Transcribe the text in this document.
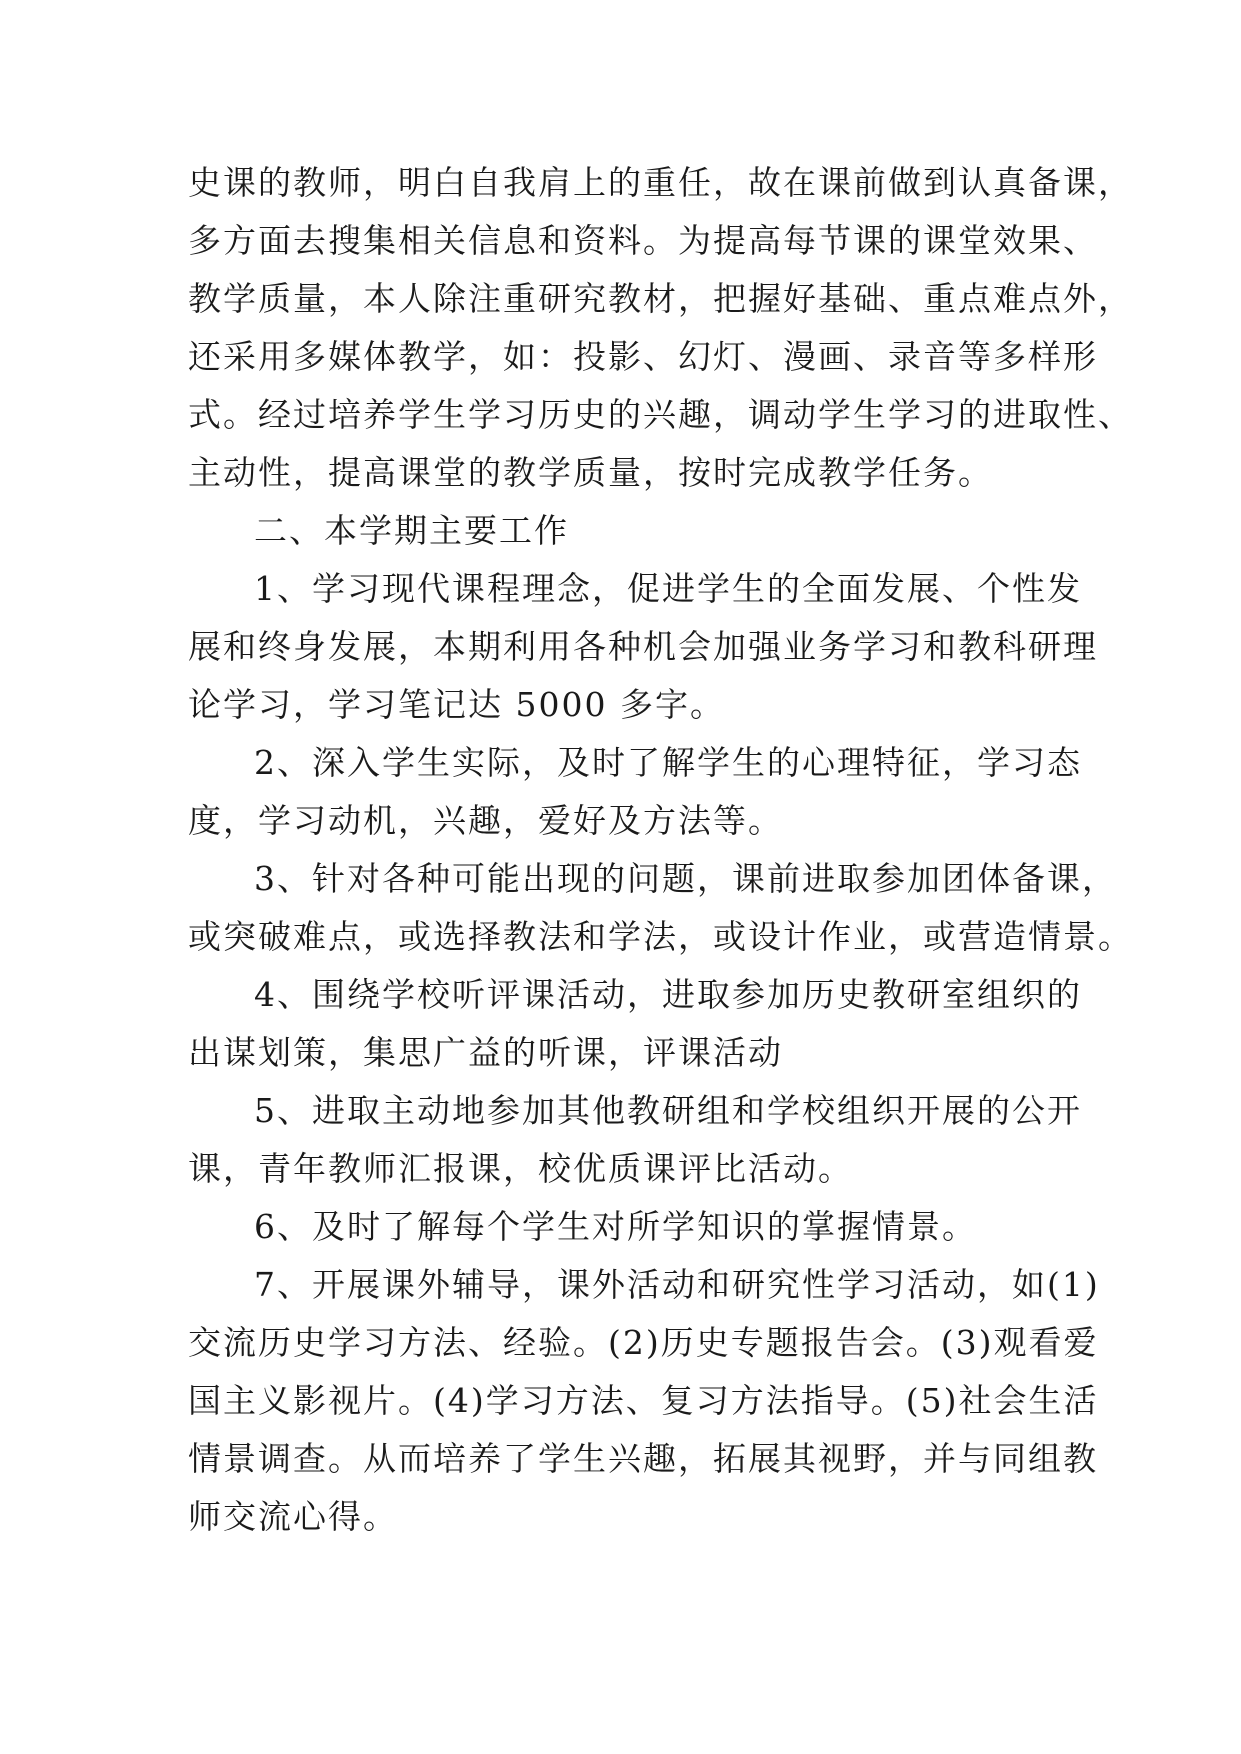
史课的教师，明白自我肩上的重任，故在课前做到认真备课，
多方面去搜集相关信息和资料。为提高每节课的课堂效果、
教学质量，本人除注重研究教材，把握好基础、重点难点外，
还采用多媒体教学，如：投影、幻灯、漫画、录音等多样形
式。经过培养学生学习历史的兴趣，调动学生学习的进取性、
主动性，提高课堂的教学质量，按时完成教学任务。
二、本学期主要工作
1、学习现代课程理念，促进学生的全面发展、个性发
展和终身发展，本期利用各种机会加强业务学习和教科研理
论学习，学习笔记达 5000 多字。
2、深入学生实际，及时了解学生的心理特征，学习态
度，学习动机，兴趣，爱好及方法等。
3、针对各种可能出现的问题，课前进取参加团体备课，
或突破难点，或选择教法和学法，或设计作业，或营造情景。
4、围绕学校听评课活动，进取参加历史教研室组织的
出谋划策，集思广益的听课，评课活动
5、进取主动地参加其他教研组和学校组织开展的公开
课，青年教师汇报课，校优质课评比活动。
6、及时了解每个学生对所学知识的掌握情景。
7、开展课外辅导，课外活动和研究性学习活动，如(1)
交流历史学习方法、经验。(2)历史专题报告会。(3)观看爱
国主义影视片。(4)学习方法、复习方法指导。(5)社会生活
情景调查。从而培养了学生兴趣，拓展其视野，并与同组教
师交流心得。
